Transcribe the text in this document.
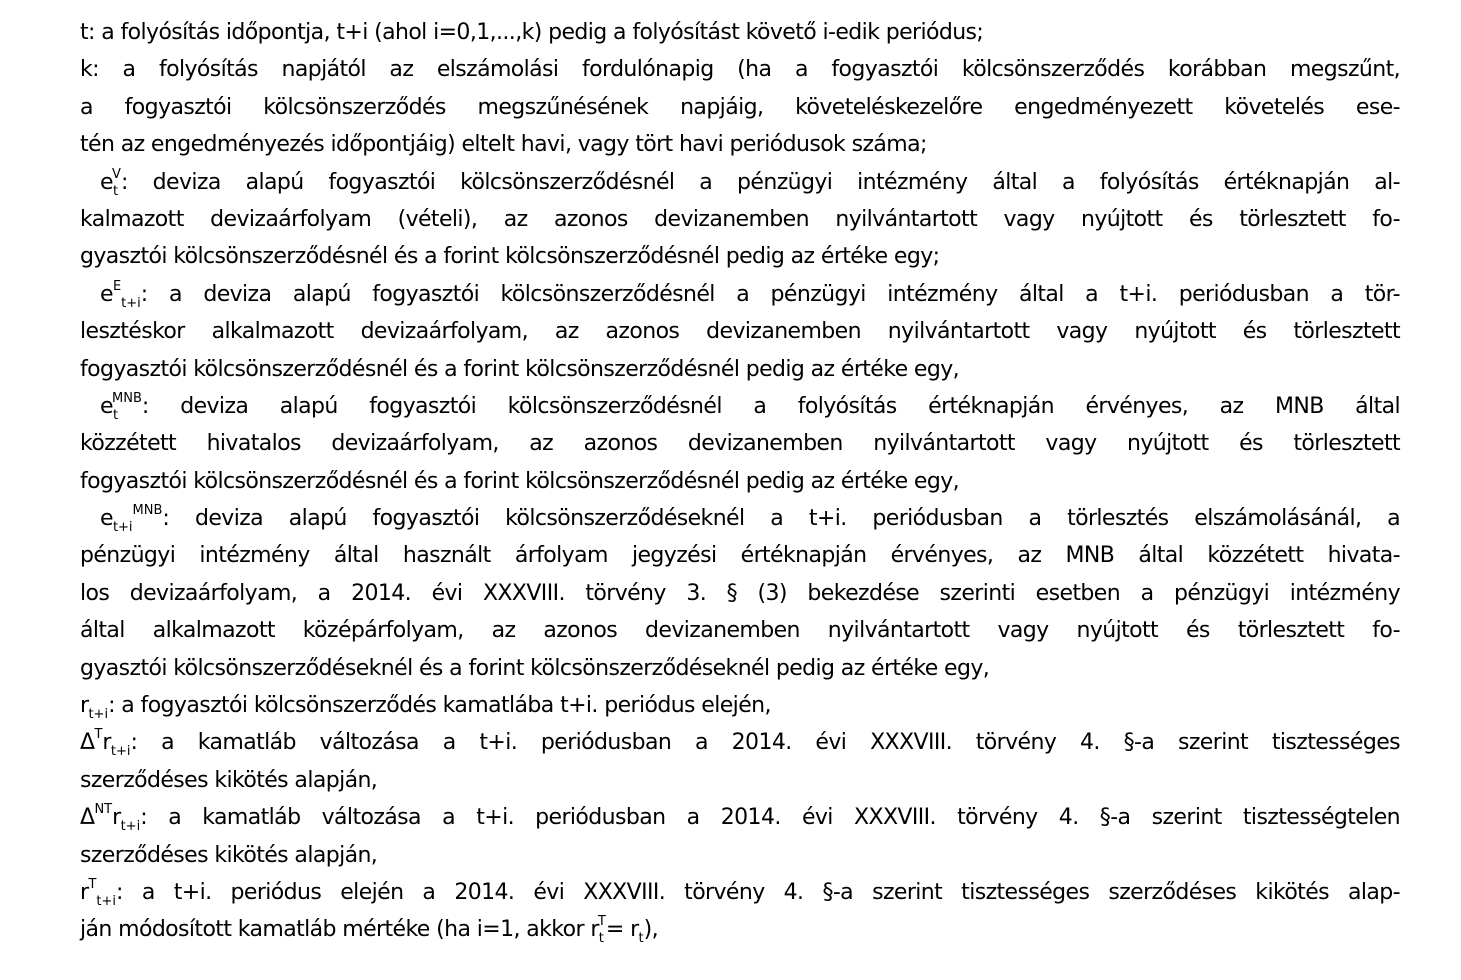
t: a folyósítás időpontja, t+i (ahol i=0,1,...,k) pedig a folyósítást követő i-edik periódus;
k: a folyósítás napjától az elszámolási fordulónapig (ha a fogyasztói kölcsönszerződés korábban megszűnt,
a fogyasztói kölcsönszerződés megszűnésének napjáig, követeléskezelőre engedményezett követelés ese-
tén az engedményezés időpontjáig) eltelt havi, vagy tört havi periódusok száma;
$e_t^V$: deviza alapú fogyasztói kölcsönszerződésnél a pénzügyi intézmény által a folyósítás értéknapján al-
kalmazott devizaárfolyam (vételi), az azonos devizanemben nyilvántartott vagy nyújtott és törlesztett fo-
gyasztói kölcsönszerződésnél és a forint kölcsönszerződésnél pedig az értéke egy;
$e^E_{t+i}$: a deviza alapú fogyasztói kölcsönszerződésnél a pénzügyi intézmény által a t+i. periódusban a tör-
lesztéskor alkalmazott devizaárfolyam, az azonos devizanemben nyilvántartott vagy nyújtott és törlesztett
fogyasztói kölcsönszerződésnél és a forint kölcsönszerződésnél pedig az értéke egy,
$e_t^{MNB}$: deviza alapú fogyasztói kölcsönszerződésnél a folyósítás értéknapján érvényes, az MNB által
közzétett hivatalos devizaárfolyam, az azonos devizanemben nyilvántartott vagy nyújtott és törlesztett
fogyasztói kölcsönszerződésnél és a forint kölcsönszerződésnél pedig az értéke egy,
$e_{t+i}^{MNB}$: deviza alapú fogyasztói kölcsönszerződéseknél a t+i. periódusban a törlesztés elszámolásánál, a
pénzügyi intézmény által használt árfolyam jegyzési értéknapján érvényes, az MNB által közzétett hivata-
los devizaárfolyam, a 2014. évi XXXVIII. törvény 3. § (3) bekezdése szerinti esetben a pénzügyi intézmény
által alkalmazott középárfolyam, az azonos devizanemben nyilvántartott vagy nyújtott és törlesztett fo-
gyasztói kölcsönszerződéseknél és a forint kölcsönszerződéseknél pedig az értéke egy,
$r_{t+i}$: a fogyasztói kölcsönszerződés kamatlába t+i. periódus elején,
$\Delta^Tr_{t+i}$: a kamatláb változása a t+i. periódusban a 2014. évi XXXVIII. törvény 4. §-a szerint tisztességes
szerződéses kikötés alapján,
$\Delta^{NT}r_{t+i}$: a kamatláb változása a t+i. periódusban a 2014. évi XXXVIII. törvény 4. §-a szerint tisztességtelen
szerződéses kikötés alapján,
$r^T_{t+i}$: a t+i. periódus elején a 2014. évi XXXVIII. törvény 4. §-a szerint tisztességes szerződéses kikötés alap-
ján módosított kamatláb mértéke (ha i=1, akkor $r_t^T= r_t$),
